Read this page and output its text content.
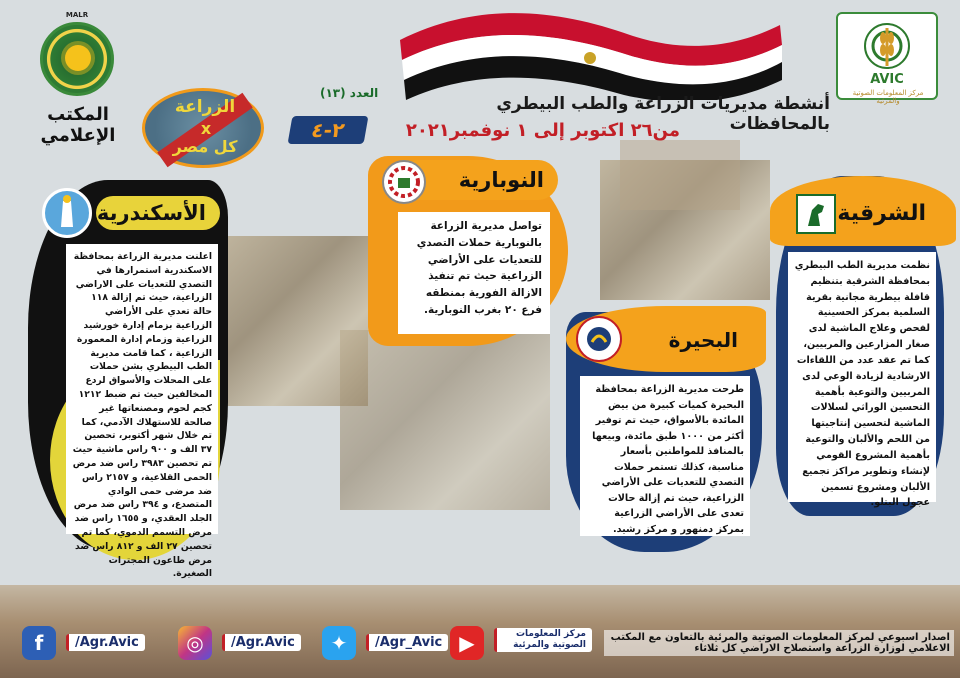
MALR
المكتب الإعلامي
AVIC
مركز المعلومات الصوتية والمرئية
الزراعة
x
كل مصر
العدد (١٣)
أنشطة مديريات الزراعة والطب البيطري بالمحافظات
٢-٤	من٢٦ اكتوبر إلى ١ نوفمبر٢٠٢١
الأسكندرية
اعلنت مديرية الزراعة بمحافظة الاسكندرية استمرارها في التصدي للتعديات على الاراضي الزراعية، حيث تم إزالة ١١٨ حالة تعدي على الأراضي الزراعية بزمام إدارة خورشيد الزراعية وزمام إدارة المعمورة الزراعية ، كما قامت مديرية الطب البيطري بشن حملات على المحلات والأسواق لردع المخالفين حيث تم ضبط ١٢١٢ كجم لحوم ومصنعاتها غير صالحة للاستهلاك الآدمي، كما تم خلال شهر أكتوبر، تحصين ٣٧ الف و ٩٠٠ راس ماشية حيث تم تحصين ٣٩٨٣ راس ضد مرض الحمى القلاعية، و ٢١٥٧ راس ضد مرضى حمى الوادي المتصدع، و ٣٩٤ راس ضد مرض الجلد العقدي، و ١٦٥٥ راس ضد مرض التسمم الدموي، كما تم تحصين ٢٧ الف و ٨١٢ راس ضد مرض طاعون المجترات الصغيرة.
النوبارية
تواصل مديرية الزراعة بالنوبارية حملات التصدي للتعديات على الأراضي الزراعية حيث تم تنفيذ الازالة الفورية بمنطقه فرع ٢٠ بغرب النوبارية.
الشرقية
نظمت مديرية الطب البيطري بمحافظة الشرقية بتنظيم قافلة بيطرية مجانية بقرية السلمية بمركز الحسينية لفحص وعلاج الماشية لدى صغار المزارعين والمربيين، كما تم عقد عدد من اللقاءات الارشادية لزيادة الوعي لدى المربيين والتوعية بأهمية التحسين الوراثي لسلالات الماشية لتحسين إنتاجيتها من اللحم والألبان والتوعية بأهمية المشروع القومي لإنشاء وتطوير مراكز تجميع الألبان ومشروع تسمين عجول البتلو.
البحيرة
طرحت مديرية الزراعة بمحافظة البحيرة كميات كبيرة من بيض المائدة بالأسواق، حيث تم توفير أكثر من ١٠٠٠ طبق مائدة، وبيعها بالمنافذ للمواطنين بأسعار مناسبة، كذلك تستمر حملات التصدي للتعديات على الأراضي الزراعية، حيث تم إزالة حالات تعدى على الأراضي الزراعية بمركز دمنهور و مركز رشيد.
f	/Agr.Avic	◎	/Agr.Avic	✦	/Agr_Avic ▶	مركز المعلومات الصوتية والمرئية
اصدار اسبوعي لمركز المعلومات الصوتية والمرئية بالتعاون مع المكتب الاعلامي لوزارة الزراعة واستصلاح الاراضي كل ثلاثاء
